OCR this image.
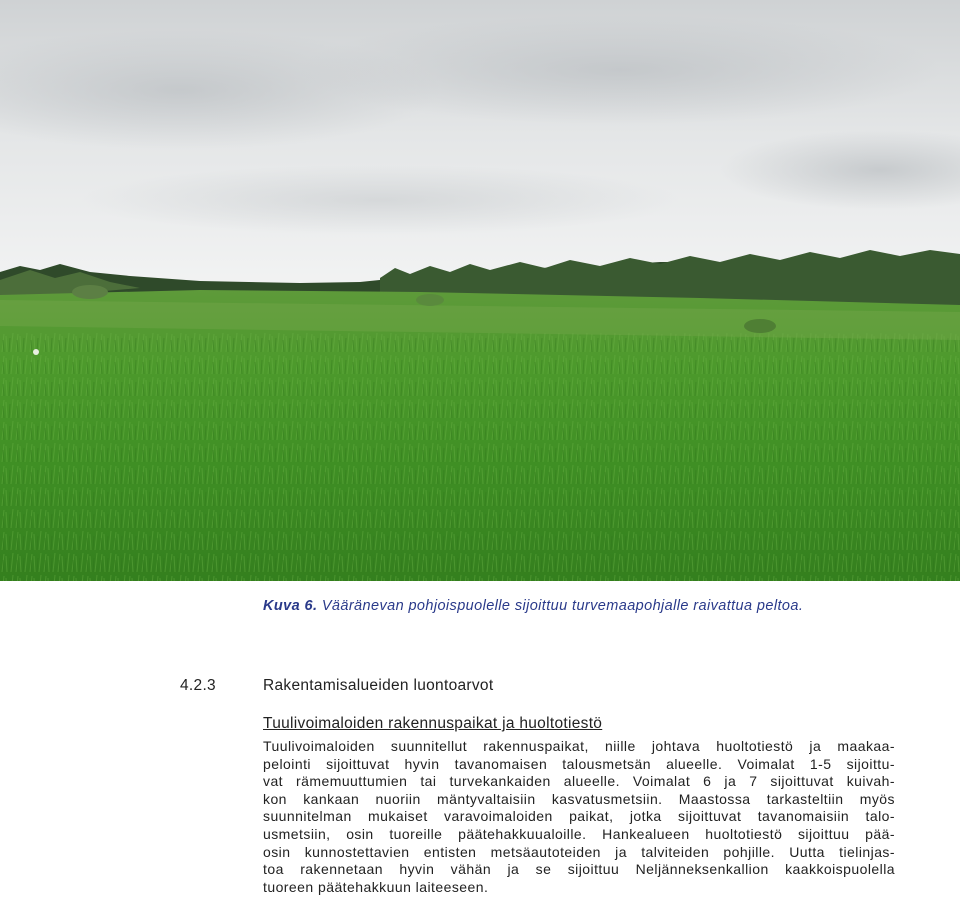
Kuva 6. Vääränevan pohjoispuolelle sijoittuu turvemaapohjalle raivattua peltoa.
4.2.3	Rakentamisalueiden luontoarvot
Tuulivoimaloiden rakennuspaikat ja huoltotiestö
Tuulivoimaloiden suunnitellut rakennuspaikat, niille johtava huoltotiestö ja maakaa-
pelointi sijoittuvat hyvin tavanomaisen talousmetsän alueelle. Voimalat 1-5 sijoittu-
vat rämemuuttumien tai turvekankaiden alueelle. Voimalat 6 ja 7 sijoittuvat kuivah-
kon kankaan nuoriin mäntyvaltaisiin kasvatusmetsiin. Maastossa tarkasteltiin myös
suunnitelman mukaiset varavoimaloiden paikat, jotka sijoittuvat tavanomaisiin talo-
usmetsiin, osin tuoreille päätehakkuualoille. Hankealueen huoltotiestö sijoittuu pää-
osin kunnostettavien entisten metsäautoteiden ja talviteiden pohjille. Uutta tielinjas-
toa rakennetaan hyvin vähän ja se sijoittuu Neljänneksenkallion kaakkoispuolella
tuoreen päätehakkuun laiteeseen.
